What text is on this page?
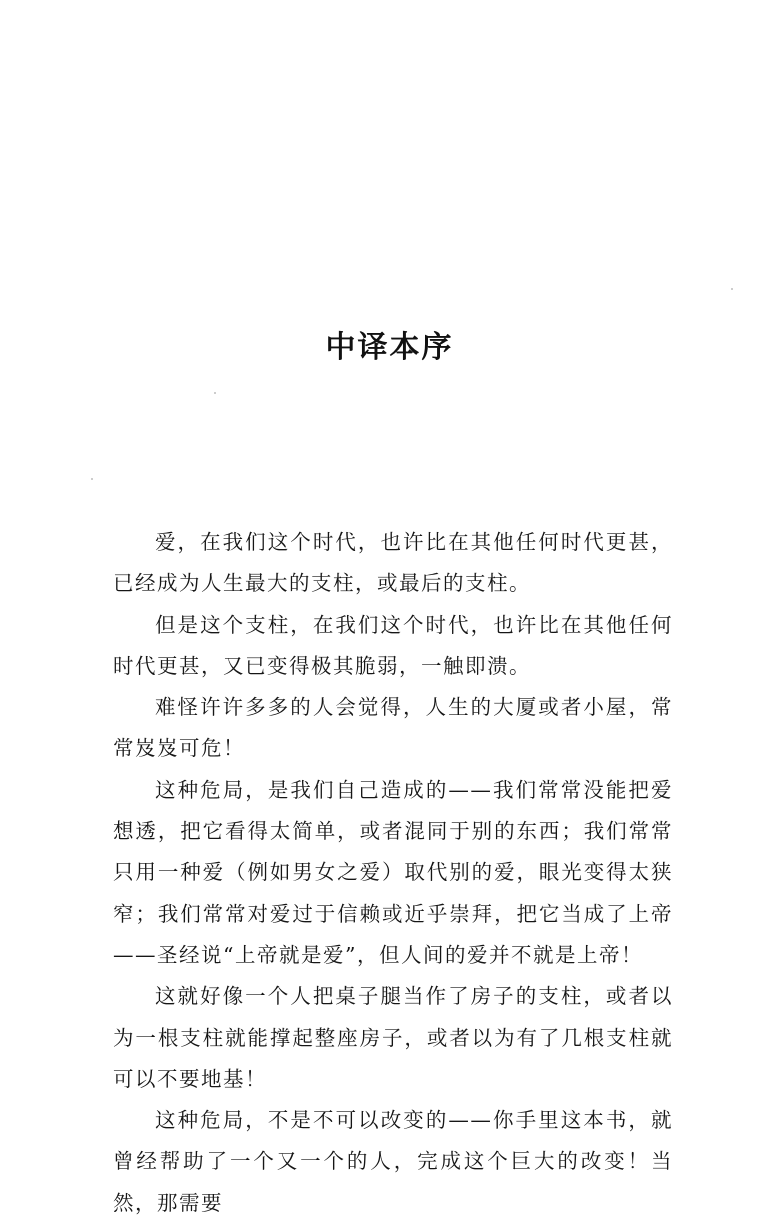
中译本序

爱，在我们这个时代，也许比在其他任何时代更甚，已经成为人生最大的支柱，或最后的支柱。

但是这个支柱，在我们这个时代，也许比在其他任何时代更甚，又已变得极其脆弱，一触即溃。

难怪许许多多的人会觉得，人生的大厦或者小屋，常常岌岌可危！

这种危局，是我们自己造成的——我们常常没能把爱想透，把它看得太简单，或者混同于别的东西；我们常常只用一种爱（例如男女之爱）取代别的爱，眼光变得太狭窄；我们常常对爱过于信赖或近乎崇拜，把它当成了上帝——圣经说“上帝就是爱”，但人间的爱并不就是上帝！

这就好像一个人把桌子腿当作了房子的支柱，或者以为一根支柱就能撑起整座房子，或者以为有了几根支柱就可以不要地基！

这种危局，不是不可以改变的——你手里这本书，就曾经帮助了一个又一个的人，完成这个巨大的改变！当然，那需要
